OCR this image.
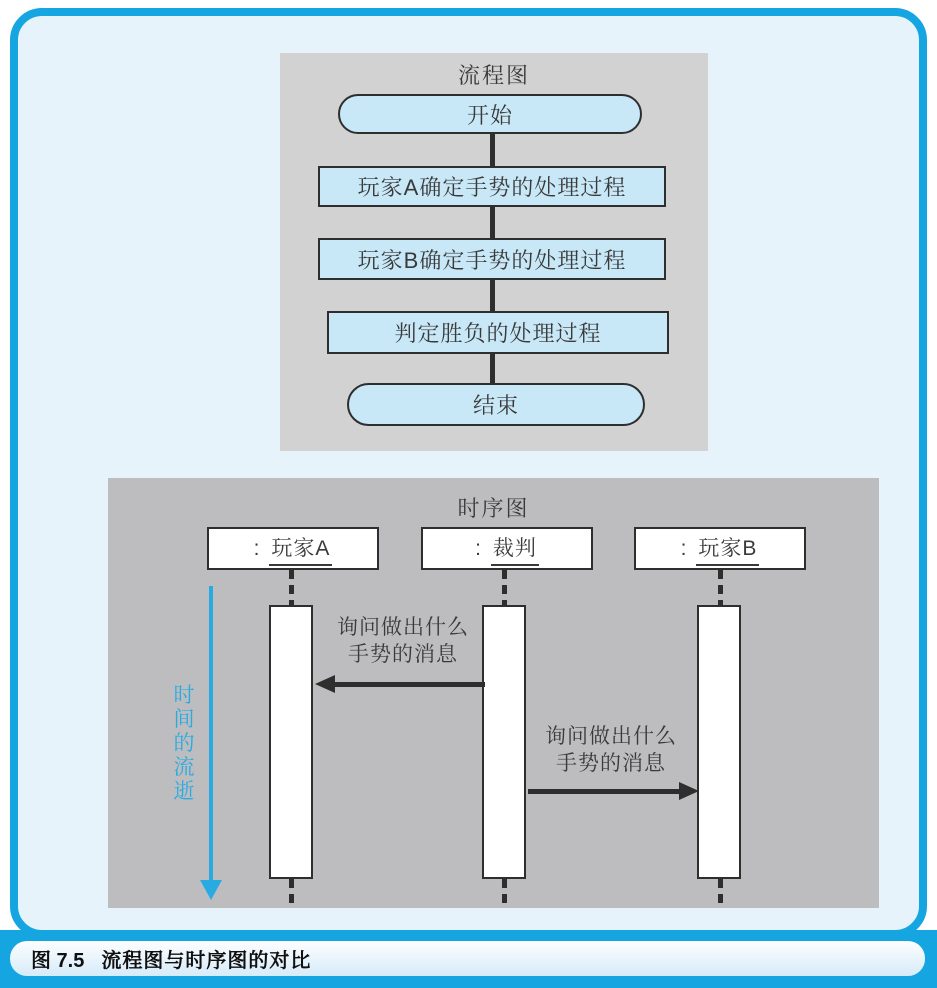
流程图
开始
玩家A确定手势的处理过程
玩家B确定手势的处理过程
判定胜负的处理过程
结束
时序图
: 玩家A	: 裁判	: 玩家B
询问做出什么
手势的消息
询问做出什么
手势的消息
时间的流逝
图 7.5 流程图与时序图的对比
